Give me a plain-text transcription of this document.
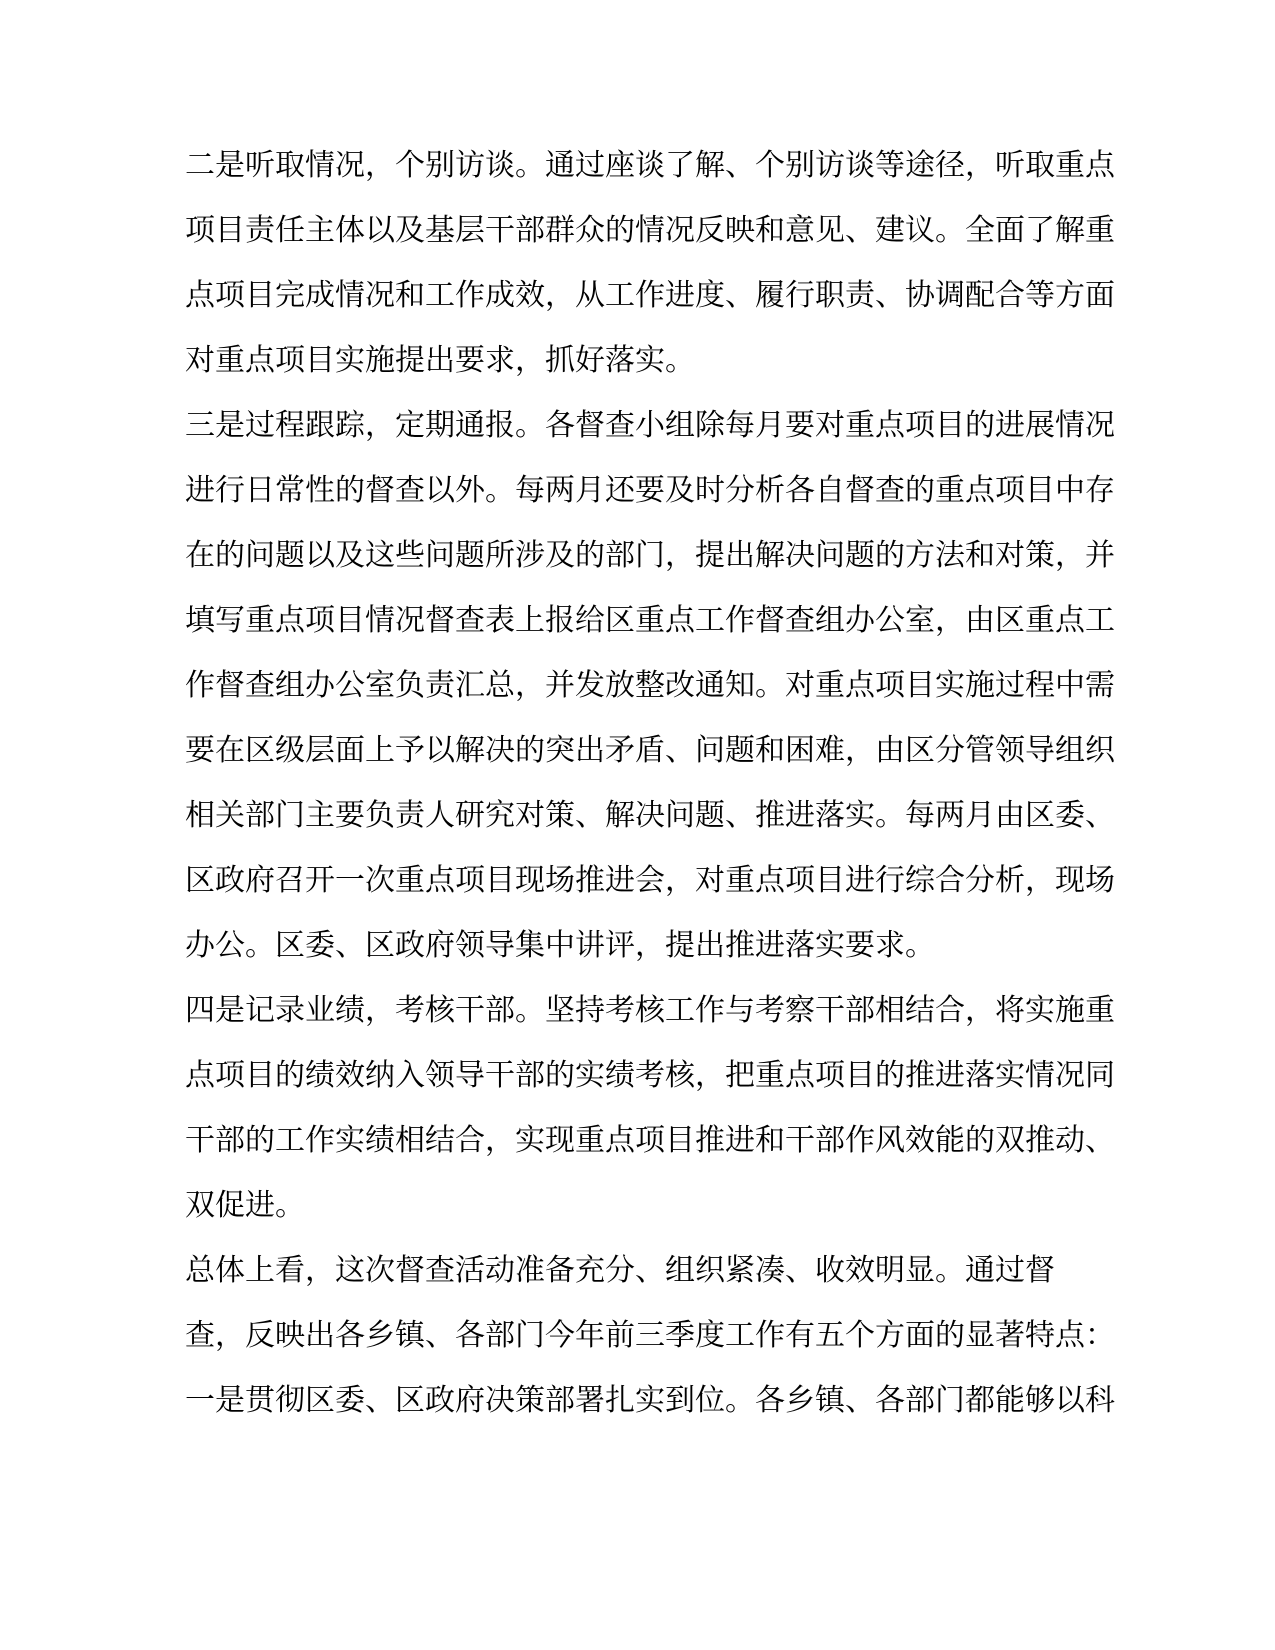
二是听取情况，个别访谈。通过座谈了解、个别访谈等途径，听取重点
项目责任主体以及基层干部群众的情况反映和意见、建议。全面了解重
点项目完成情况和工作成效，从工作进度、履行职责、协调配合等方面
对重点项目实施提出要求，抓好落实。
三是过程跟踪，定期通报。各督查小组除每月要对重点项目的进展情况
进行日常性的督查以外。每两月还要及时分析各自督查的重点项目中存
在的问题以及这些问题所涉及的部门，提出解决问题的方法和对策，并
填写重点项目情况督查表上报给区重点工作督查组办公室，由区重点工
作督查组办公室负责汇总，并发放整改通知。对重点项目实施过程中需
要在区级层面上予以解决的突出矛盾、问题和困难，由区分管领导组织
相关部门主要负责人研究对策、解决问题、推进落实。每两月由区委、
区政府召开一次重点项目现场推进会，对重点项目进行综合分析，现场
办公。区委、区政府领导集中讲评，提出推进落实要求。
四是记录业绩，考核干部。坚持考核工作与考察干部相结合，将实施重
点项目的绩效纳入领导干部的实绩考核，把重点项目的推进落实情况同
干部的工作实绩相结合，实现重点项目推进和干部作风效能的双推动、
双促进。
总体上看，这次督查活动准备充分、组织紧凑、收效明显。通过督
查，反映出各乡镇、各部门今年前三季度工作有五个方面的显著特点：
一是贯彻区委、区政府决策部署扎实到位。各乡镇、各部门都能够以科
